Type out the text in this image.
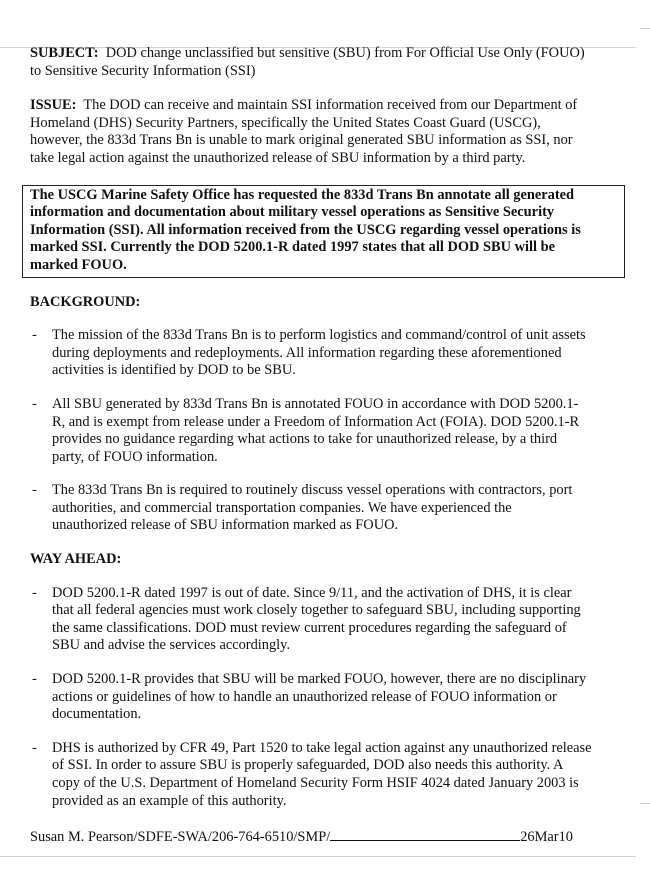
SUBJECT: DOD change unclassified but sensitive (SBU) from For Official Use Only (FOUO)
to Sensitive Security Information (SSI)
ISSUE: The DOD can receive and maintain SSI information received from our Department of
Homeland (DHS) Security Partners, specifically the United States Coast Guard (USCG),
however, the 833d Trans Bn is unable to mark original generated SBU information as SSI, nor
take legal action against the unauthorized release of SBU information by a third party.
The USCG Marine Safety Office has requested the 833d Trans Bn annotate all generated
information and documentation about military vessel operations as Sensitive Security
Information (SSI). All information received from the USCG regarding vessel operations is
marked SSI. Currently the DOD 5200.1-R dated 1997 states that all DOD SBU will be
marked FOUO.
BACKGROUND:
- The mission of the 833d Trans Bn is to perform logistics and command/control of unit assets
during deployments and redeployments. All information regarding these aforementioned
activities is identified by DOD to be SBU.
- All SBU generated by 833d Trans Bn is annotated FOUO in accordance with DOD 5200.1-
R, and is exempt from release under a Freedom of Information Act (FOIA). DOD 5200.1-R
provides no guidance regarding what actions to take for unauthorized release, by a third
party, of FOUO information.
- The 833d Trans Bn is required to routinely discuss vessel operations with contractors, port
authorities, and commercial transportation companies. We have experienced the
unauthorized release of SBU information marked as FOUO.
WAY AHEAD:
- DOD 5200.1-R dated 1997 is out of date. Since 9/11, and the activation of DHS, it is clear
that all federal agencies must work closely together to safeguard SBU, including supporting
the same classifications. DOD must review current procedures regarding the safeguard of
SBU and advise the services accordingly.
- DOD 5200.1-R provides that SBU will be marked FOUO, however, there are no disciplinary
actions or guidelines of how to handle an unauthorized release of FOUO information or
documentation.
- DHS is authorized by CFR 49, Part 1520 to take legal action against any unauthorized release
of SSI. In order to assure SBU is properly safeguarded, DOD also needs this authority. A
copy of the U.S. Department of Homeland Security Form HSIF 4024 dated January 2003 is
provided as an example of this authority.
Susan M. Pearson/SDFE-SWA/206-764-6510/SMP/	26Mar10
